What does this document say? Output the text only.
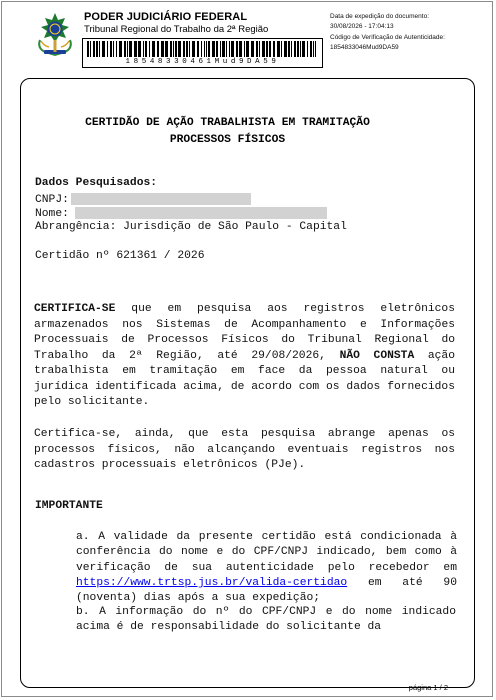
PODER JUDICIÁRIO FEDERAL
Tribunal Regional do Trabalho da 2ª Região
18548330461Mud9DA59
Data de expedição do documento:
30/08/2026 - 17:04:13
Código de Verificação de Autenticidade:
1854833046Mud9DA59
CERTIDÃO DE AÇÃO TRABALHISTA EM TRAMITAÇÃO
PROCESSOS FÍSICOS
Dados Pesquisados:
CNPJ:
Nome:
Abrangência: Jurisdição de São Paulo - Capital
Certidão nº 621361 / 2026
CERTIFICA-SE que em pesquisa aos registros eletrônicos armazenados nos Sistemas de Acompanhamento e Informações Processuais de Processos Físicos do Tribunal Regional do Trabalho da 2ª Região, até 29/08/2026, NÃO CONSTA ação trabalhista em tramitação em face da pessoa natural ou jurídica identificada acima, de acordo com os dados fornecidos pelo solicitante.
Certifica-se, ainda, que esta pesquisa abrange apenas os processos físicos, não alcançando eventuais registros nos cadastros processuais eletrônicos (PJe).
IMPORTANTE
a. A validade da presente certidão está condicionada à conferência do nome e do CPF/CNPJ indicado, bem como à verificação de sua autenticidade pelo recebedor em https://www.trtsp.jus.br/valida-certidao em até 90 (noventa) dias após a sua expedição;
b. A informação do nº do CPF/CNPJ e do nome indicado acima é de responsabilidade do solicitante da
página 1 / 2
